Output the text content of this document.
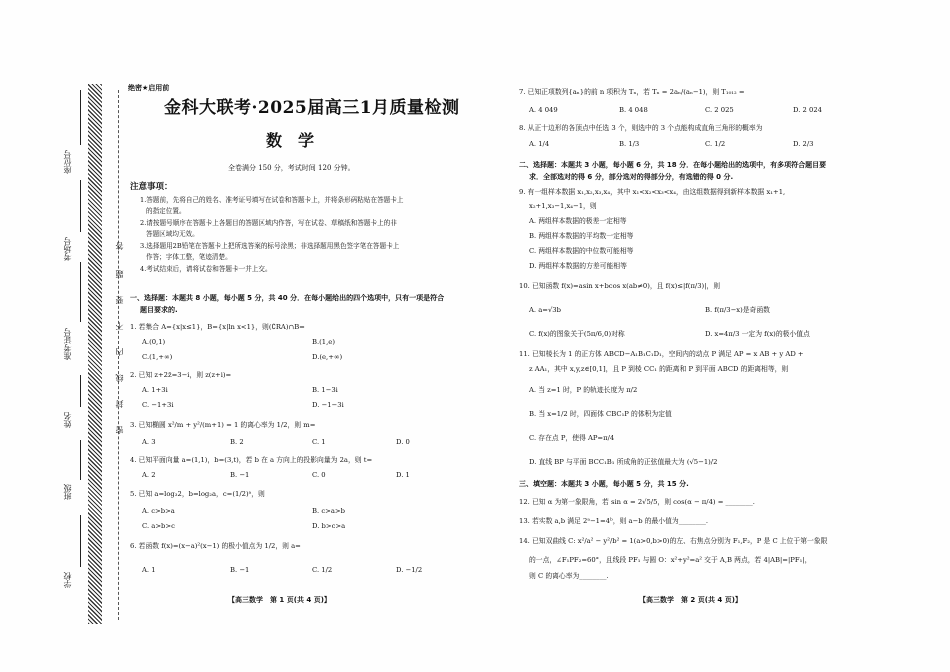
座位号
考场号
准考证号
姓名
班级
学校
答
题
要
不
内
线
封
密
绝密★启用前
金科大联考·2025届高三1月质量检测
数学
全卷满分 150 分，考试时间 120 分钟。
注意事项：
1.答题前，先将自己的姓名、准考证号填写在试卷和答题卡上，并将条形码粘贴在答题卡上
的指定位置。
2.请按题号顺序在答题卡上各题目的答题区域内作答，写在试卷、草稿纸和答题卡上的非
答题区域均无效。
3.选择题用2B铅笔在答题卡上把所选答案的标号涂黑；非选择题用黑色签字笔在答题卡上
作答；字体工整，笔迹清楚。
4.考试结束后，请将试卷和答题卡一并上交。
一、选择题：本题共 8 小题，每小题 5 分，共 40 分．在每小题给出的四个选项中，只有一项是符合
题目要求的.
1. 若集合 A={x|x≤1}，B={x|ln x<1}，则(∁RA)∩B=
A.(0,1)	B.(1,e)
C.(1,+∞)	D.(e,+∞)
2. 已知 z+2z̄=3−i，则 z(z+i)=
A. 1+3i	B. 1−3i
C. −1+3i	D. −1−3i
3. 已知椭圆 x²/m + y²/(m+1) = 1 的离心率为 1/2，则 m=
A. 3	B. 2	C. 1	D. 0
4. 已知平面向量 a=(1,1)，b=(3,t)，若 b 在 a 方向上的投影向量为 2a，则 t=
A. 2	B. −1	C. 0	D. 1
5. 已知 a=log₃2，b=log₂a，c=(1/2)ᵃ，则
A. c>b>a	B. c>a>b
C. a>b>c	D. b>c>a
6. 若函数 f(x)=(x−a)²(x−1) 的极小值点为 1/2，则 a=
A. 1	B. −1	C. 1/2	D. −1/2
【高三数学　第 1 页(共 4 页)】
7. 已知正项数列{aₙ}的前 n 项积为 Tₙ，若 Tₙ = 2aₙ/(aₙ−1)，则 T₁₀₁₂ =
A. 4 049	B. 4 048	C. 2 025	D. 2 024
8. 从正十边形的各顶点中任选 3 个，则选中的 3 个点能构成直角三角形的概率为
A. 1/4	B. 1/3	C. 1/2	D. 2/3
二、选择题：本题共 3 小题，每小题 6 分，共 18 分．在每小题给出的选项中，有多项符合题目要
求．全部选对的得 6 分，部分选对的得部分分，有选错的得 0 分.
9. 有一组样本数据 x₁,x₂,x₃,x₄，其中 x₁<x₂<x₃<x₄，由这组数据得到新样本数据 x₁+1,
x₂+1,x₃−1,x₄−1，则
A. 两组样本数据的极差一定相等
B. 两组样本数据的平均数一定相等
C. 两组样本数据的中位数可能相等
D. 两组样本数据的方差可能相等
10. 已知函数 f(x)=asin x+bcos x(ab≠0)，且 f(x)≤|f(π/3)|，则
A. a=√3b	B. f(π/3−x)是奇函数
C. f(x)的图象关于(5π/6,0)对称	D. x=4π/3 一定为 f(x)的极小值点
11. 已知棱长为 1 的正方体 ABCD−A₁B₁C₁D₁，空间内的动点 P 满足 AP = x AB + y AD +
z AA₁，其中 x,y,z∈[0,1]，且 P 到棱 CC₁ 的距离和 P 到平面 ABCD 的距离相等，则
A. 当 z=1 时，P 的轨迹长度为 π/2
B. 当 x=1/2 时，四面体 CBC₁P 的体积为定值
C. 存在点 P，使得 AP=π/4
D. 直线 BP 与平面 BCC₁B₁ 所成角的正弦值最大为 (√5−1)/2
三、填空题：本题共 3 小题，每小题 5 分，共 15 分.
12. 已知 α 为第一象限角，若 sin α = 2√5/5，则 cos(α − π/4) = ________.
13. 若实数 a,b 满足 2ᵃ−1=4ᵇ，则 a−b 的最小值为________.
14. 已知双曲线 C: x²/a² − y²/b² = 1(a>0,b>0)的左、右焦点分别为 F₁,F₂，P 是 C 上位于第一象限
的一点，∠F₁PF₂=60°，且线段 PF₁ 与圆 O：x²+y²=a² 交于 A,B 两点，若 4|AB|=|PF₁|，
则 C 的离心率为________.
【高三数学　第 2 页(共 4 页)】
